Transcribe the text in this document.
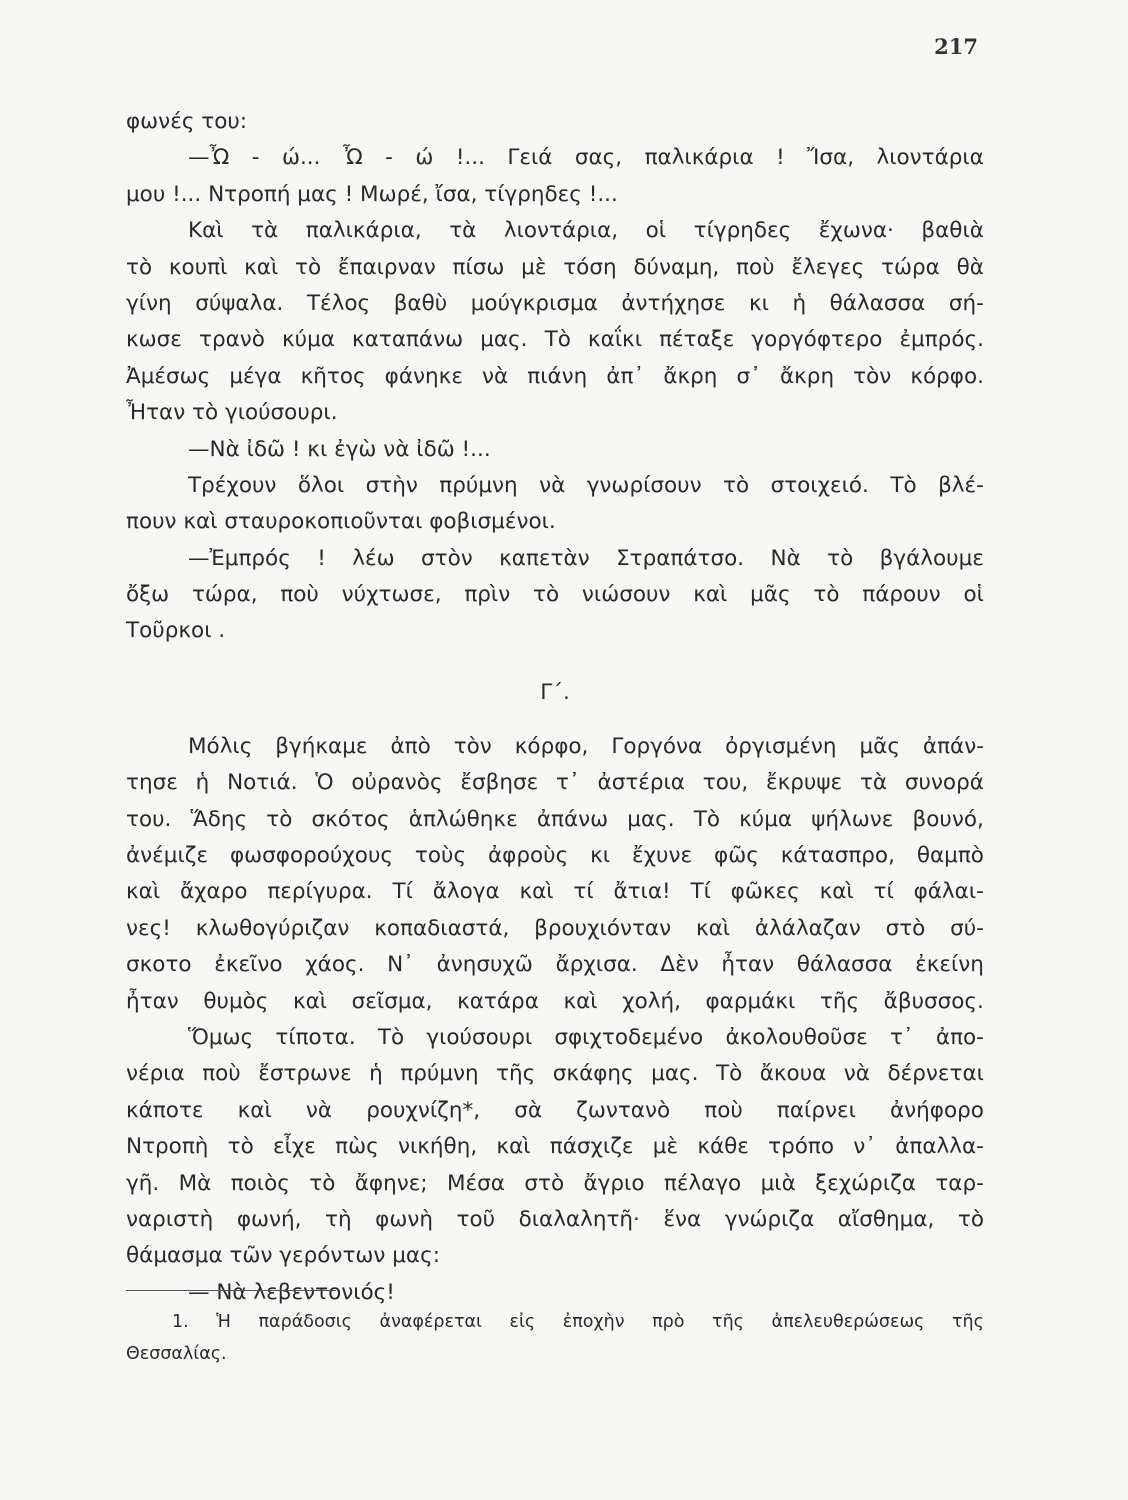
217
φωνές του:
—Ὦ - ώ... Ὦ - ώ !... Γειά σας, παλικάρια ! Ἴσα, λιοντάρια
μου !... Ντροπή μας ! Μωρέ, ἴσα, τίγρηδες !...
Καὶ τὰ παλικάρια, τὰ λιοντάρια, οἱ τίγρηδες ἔχωνα· βαθιὰ
τὸ κουπὶ καὶ τὸ ἔπαιρναν πίσω μὲ τόση δύναμη, ποὺ ἔλεγες τώρα θὰ
γίνη σύψαλα. Τέλος βαθὺ μούγκρισμα ἀντήχησε κι ἡ θάλασσα σή-
κωσε τρανὸ κύμα καταπάνω μας. Τὸ καΐκι πέταξε γοργόφτερο ἐμπρός.
Ἀμέσως μέγα κῆτος φάνηκε νὰ πιάνη ἀπ᾽ ἄκρη σ᾽ ἄκρη τὸν κόρφο.
Ἦταν τὸ γιούσουρι.
—Νὰ ἰδῶ ! κι ἐγὼ νὰ ἰδῶ !...
Τρέχουν ὅλοι στὴν πρύμνη νὰ γνωρίσουν τὸ στοιχειό. Τὸ βλέ-
πουν καὶ σταυροκοπιοῦνται φοβισμένοι.
—Ἐμπρός ! λέω στὸν καπετὰν Στραπάτσο. Νὰ τὸ βγάλουμε
ὄξω τώρα, ποὺ νύχτωσε, πρὶν τὸ νιώσουν καὶ μᾶς τὸ πάρουν οἱ
Τοῦρκοι .
Γ΄.
Μόλις βγήκαμε ἀπὸ τὸν κόρφο, Γοργόνα ὀργισμένη μᾶς ἀπάν-
τησε ἡ Νοτιά. Ὁ οὐρανὸς ἔσβησε τ᾽ ἀστέρια του, ἔκρυψε τὰ συνορά
του. Ἅδης τὸ σκότος ἁπλώθηκε ἀπάνω μας. Τὸ κύμα ψήλωνε βουνό,
ἀνέμιζε φωσφορούχους τοὺς ἀφροὺς κι ἔχυνε φῶς κάτασπρο, θαμπὸ
καὶ ἄχαρο περίγυρα. Τί ἄλογα καὶ τί ἄτια! Τί φῶκες καὶ τί φάλαι-
νες! κλωθογύριζαν κοπαδιαστά, βρουχιόνταν καὶ ἀλάλαζαν στὸ σύ-
σκοτο ἐκεῖνο χάος. Ν᾽ ἀνησυχῶ ἄρχισα. Δὲν ἦταν θάλασσα ἐκείνη
ἦταν θυμὸς καὶ σεῖσμα, κατάρα καὶ χολή, φαρμάκι τῆς ἄβυσσος.
Ὅμως τίποτα. Τὸ γιούσουρι σφιχτοδεμένο ἀκολουθοῦσε τ᾽ ἀπο-
νέρια ποὺ ἔστρωνε ἡ πρύμνη τῆς σκάφης μας. Τὸ ἄκουα νὰ δέρνεται
κάποτε καὶ νὰ ρουχνίζη*, σὰ ζωντανὸ ποὺ παίρνει ἀνήφορο
Ντροπὴ τὸ εἶχε πὼς νικήθη, καὶ πάσχιζε μὲ κάθε τρόπο ν᾽ ἀπαλλα-
γῆ. Μὰ ποιὸς τὸ ἄφηνε; Μέσα στὸ ἄγριο πέλαγο μιὰ ξεχώριζα ταρ-
ναριστὴ φωνή, τὴ φωνὴ τοῦ διαλαλητῆ· ἕνα γνώριζα αἴσθημα, τὸ
θάμασμα τῶν γερόντων μας:
— Νὰ λεβεντονιός!
1. Ἡ παράδοσις ἀναφέρεται εἰς ἐποχὴν πρὸ τῆς ἀπελευθερώσεως τῆς
Θεσσαλίας.
